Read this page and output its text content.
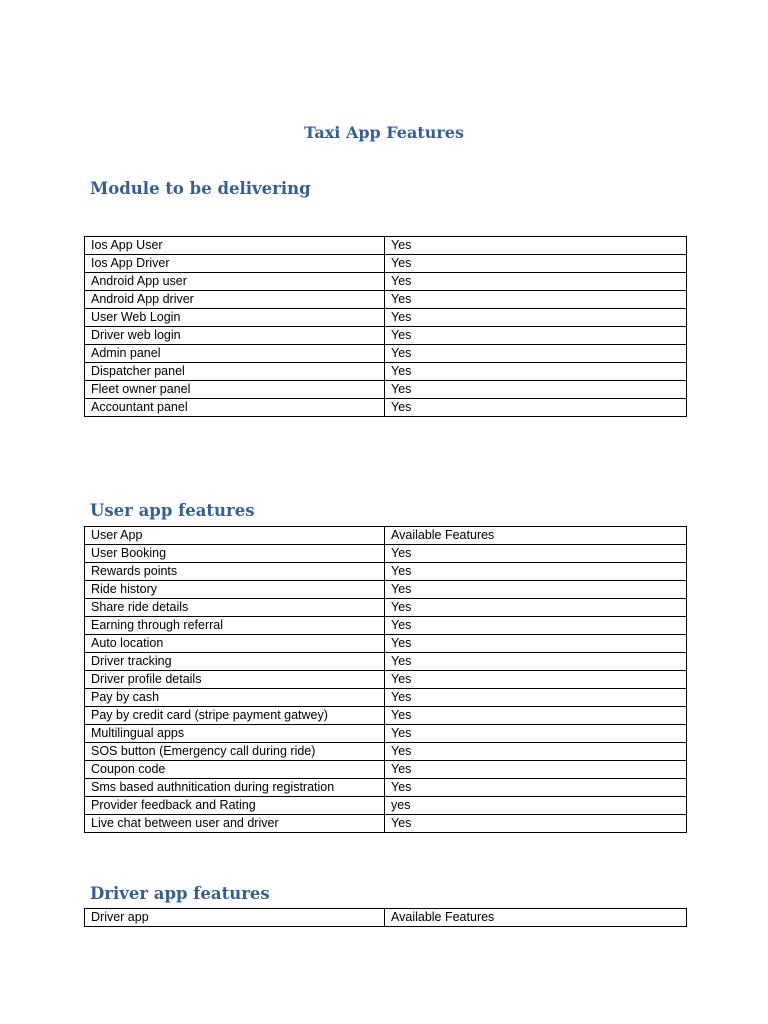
Taxi App Features
Module to be delivering
Ios App User	Yes
Ios App Driver	Yes
Android App user	Yes
Android App driver	Yes
User Web Login	Yes
Driver web login	Yes
Admin panel	Yes
Dispatcher panel	Yes
Fleet owner panel	Yes
Accountant panel	Yes
User app features
User App	Available Features
User Booking	Yes
Rewards points	Yes
Ride history	Yes
Share ride details	Yes
Earning through referral	Yes
Auto location	Yes
Driver tracking	Yes
Driver profile details	Yes
Pay by cash	Yes
Pay by credit card (stripe payment gatwey)	Yes
Multilingual apps	Yes
SOS button (Emergency call during ride)	Yes
Coupon code	Yes
Sms based authnitication during registration	Yes
Provider feedback and Rating	yes
Live chat between user and driver	Yes
Driver app features
Driver app	Available Features
